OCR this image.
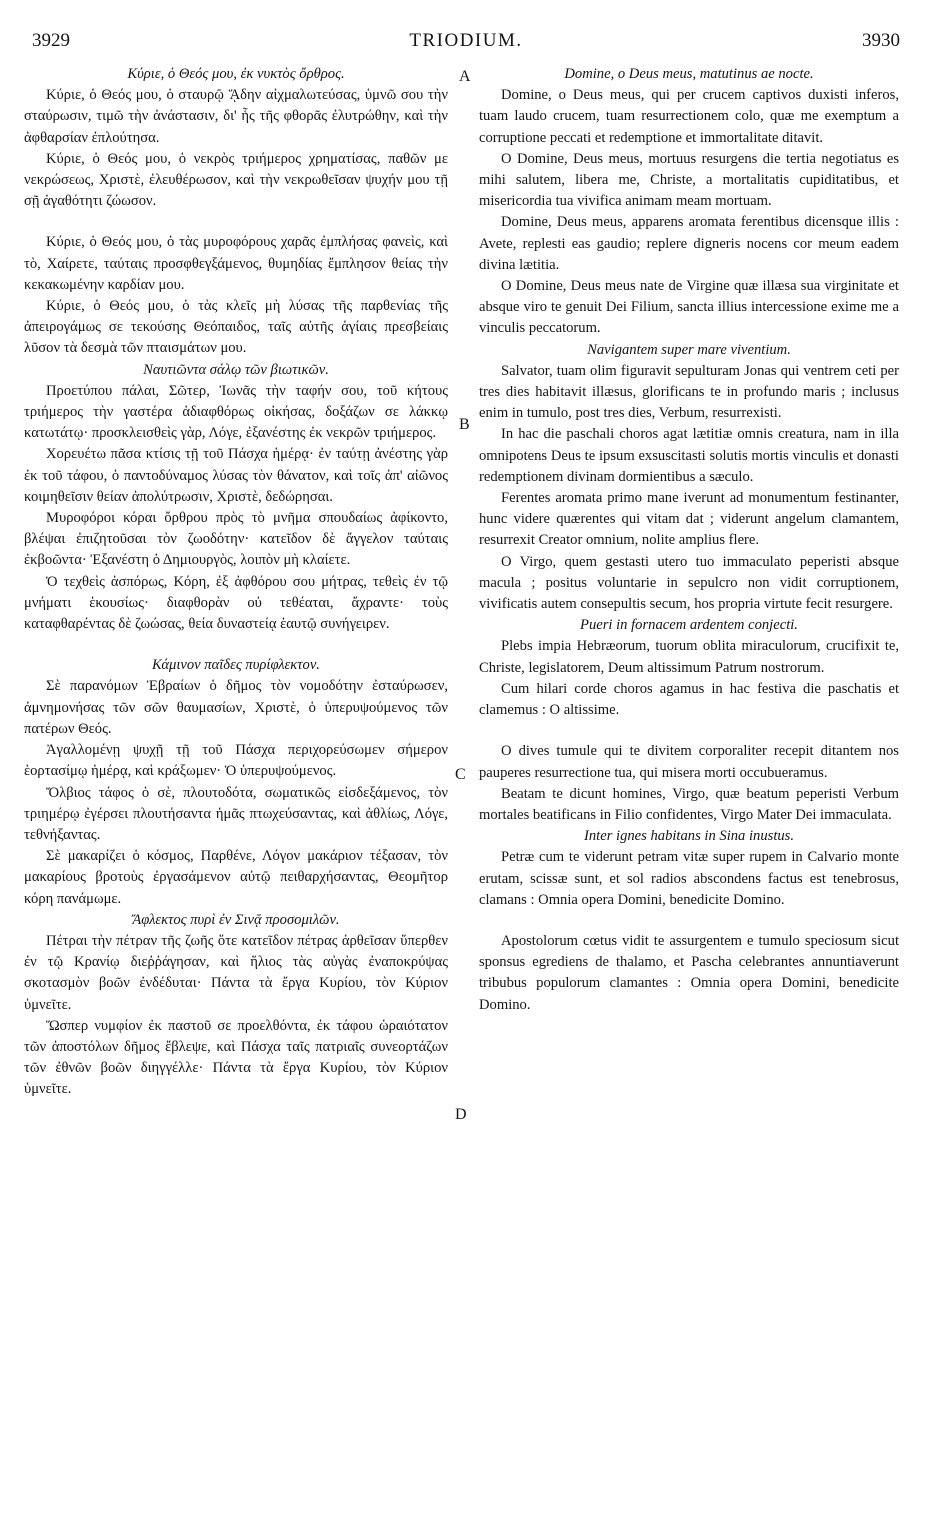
3929	TRIODIUM.	3930

Κύριε, ὁ Θεός μου, ἐκ νυκτὸς ὄρθρος.

Κύριε, ὁ Θεός μου, ὁ σταυρῷ ᾍδην αἰχμαλωτεύσας, ὑμνῶ σου τὴν σταύρωσιν, τιμῶ τὴν ἀνάστασιν, δι' ἧς τῆς φθορᾶς ἐλυτρώθην, καὶ τὴν ἀφθαρσίαν ἐπλούτησα.

Κύριε, ὁ Θεός μου, ὁ νεκρὸς τριήμερος χρηματίσας, παθῶν με νεκρώσεως, Χριστὲ, ἐλευθέρωσον, καὶ τὴν νεκρωθεῖσαν ψυχήν μου τῇ σῇ ἀγαθότητι ζώωσον.

Κύριε, ὁ Θεός μου, ὁ τὰς μυροφόρους χαρᾶς ἐμπλήσας φανεὶς, καὶ τὸ, Χαίρετε, ταύταις προσφθεγξάμενος, θυμηδίας ἔμπλησον θείας τὴν κεκακωμένην καρδίαν μου.

Κύριε, ὁ Θεός μου, ὁ τὰς κλεῖς μὴ λύσας τῆς παρθενίας τῆς ἀπειρογάμως σε τεκούσης Θεόπαιδος, ταῖς αὐτῆς ἁγίαις πρεσβείαις λῦσον τὰ δεσμὰ τῶν πταισμάτων μου.

Ναυτιῶντα σάλῳ τῶν βιωτικῶν.

Προετύπου πάλαι, Σῶτερ, Ἰωνᾶς τὴν ταφήν σου, τοῦ κήτους τριήμερος τὴν γαστέρα ἀδιαφθόρως οἰκήσας, δοξάζων σε λάκκῳ κατωτάτῳ· προσκλεισθεὶς γὰρ, Λόγε, ἐξανέστης ἐκ νεκρῶν τριήμερος.

Χορευέτω πᾶσα κτίσις τῇ τοῦ Πάσχα ἡμέρᾳ· ἐν ταύτῃ ἀνέστης γὰρ ἐκ τοῦ τάφου, ὁ παντοδύναμος λύσας τὸν θάνατον, καὶ τοῖς ἀπ' αἰῶνος κοιμηθεῖσιν θείαν ἀπολύτρωσιν, Χριστὲ, δεδώρησαι.

Μυροφόροι κόραι ὄρθρου πρὸς τὸ μνῆμα σπουδαίως ἀφίκοντο, βλέψαι ἐπιζητοῦσαι τὸν ζωοδότην· κατεῖδον δὲ ἄγγελον ταύταις ἐκβοῶντα· Ἐξανέστη ὁ Δημιουργὸς, λοιπὸν μὴ κλαίετε.

Ὁ τεχθεὶς ἀσπόρως, Κόρη, ἐξ ἀφθόρου σου μήτρας, τεθεὶς ἐν τῷ μνήματι ἑκουσίως· διαφθορὰν οὐ τεθέαται, ἄχραντε· τοὺς καταφθαρέντας δὲ ζωώσας, θεία δυναστείᾳ ἑαυτῷ συνήγειρεν.

Κάμινον παῖδες πυρίφλεκτον.

Σὲ παρανόμων Ἑβραίων ὁ δῆμος τὸν νομοδότην ἐσταύρωσεν, ἀμνημονήσας τῶν σῶν θαυμασίων, Χριστὲ, ὁ ὑπερυψούμενος τῶν πατέρων Θεός.

Ἀγαλλομένῃ ψυχῇ τῇ τοῦ Πάσχα περιχορεύσωμεν σήμερον ἑορτασίμῳ ἡμέρᾳ, καὶ κράξωμεν· Ὁ ὑπερυψούμενος.

Ὄλβιος τάφος ὁ σὲ, πλουτοδότα, σωματικῶς εἰσδεξάμενος, τὸν τριημέρῳ ἐγέρσει πλουτήσαντα ἡμᾶς πτωχεύσαντας, καὶ ἀθλίως, Λόγε, τεθνήξαντας.

Σὲ μακαρίζει ὁ κόσμος, Παρθένε, Λόγον μακάριον τέξασαν, τὸν μακαρίους βροτοὺς ἐργασάμενον αὐτῷ πειθαρχήσαντας, Θεομῆτορ κόρη πανάμωμε.

Ἄφλεκτος πυρὶ ἐν Σινᾷ προσομιλῶν.

Πέτραι τὴν πέτραν τῆς ζωῆς ὅτε κατεῖδον πέτρας ἀρθεῖσαν ὕπερθεν ἐν τῷ Κρανίῳ διεῤῥάγησαν, καὶ ἥλιος τὰς αὐγὰς ἐναποκρύψας σκοτασμὸν βοῶν ἐνδέδυται· Πάντα τὰ ἔργα Κυρίου, τὸν Κύριον ὑμνεῖτε.

Ὥσπερ νυμφίον ἐκ παστοῦ σε προελθόντα, ἐκ τάφου ὡραιότατον τῶν ἀποστόλων δῆμος ἔβλεψε, καὶ Πάσχα ταῖς πατριαῖς συνεορτάζων τῶν ἐθνῶν βοῶν διηγγέλλε· Πάντα τὰ ἔργα Κυρίου, τὸν Κύριον ὑμνεῖτε.

Domine, o Deus meus, matutinus ae nocte.

Domine, o Deus meus, qui per crucem captivos duxisti inferos, tuam laudo crucem, tuam resurrectionem colo, quæ me exemptum a corruptione peccati et redemptione et immortalitate ditavit.

O Domine, Deus meus, mortuus resurgens die tertia negotiatus es mihi salutem, libera me, Christe, a mortalitatis cupiditatibus, et misericordia tua vivifica animam meam mortuam.

Domine, Deus meus, apparens aromata ferentibus dicensque illis : Avete, replesti eas gaudio; replere digneris nocens cor meum eadem divina lætitia.

O Domine, Deus meus nate de Virgine quæ illæsa sua virginitate et absque viro te genuit Dei Filium, sancta illius intercessione exime me a vinculis peccatorum.

Navigantem super mare viventium.

Salvator, tuam olim figuravit sepulturam Jonas qui ventrem ceti per tres dies habitavit illæsus, glorificans te in profundo maris ; inclusus enim in tumulo, post tres dies, Verbum, resurrexisti.

In hac die paschali choros agat lætitiæ omnis creatura, nam in illa omnipotens Deus te ipsum exsuscitasti solutis mortis vinculis et donasti redemptionem divinam dormientibus a sæculo.

Ferentes aromata primo mane iverunt ad monumentum festinanter, hunc videre quærentes qui vitam dat ; viderunt angelum clamantem, resurrexit Creator omnium, nolite amplius flere.

O Virgo, quem gestasti utero tuo immaculato peperisti absque macula ; positus voluntarie in sepulcro non vidit corruptionem, vivificatis autem consepultis secum, hos propria virtute fecit resurgere.

Pueri in fornacem ardentem conjecti.

Plebs impia Hebræorum, tuorum oblita miraculorum, crucifixit te, Christe, legislatorem, Deum altissimum Patrum nostrorum.

Cum hilari corde choros agamus in hac festiva die paschatis et clamemus : O altissime.

O dives tumule qui te divitem corporaliter recepit ditantem nos pauperes resurrectione tua, qui misera morti occubueramus.

Beatam te dicunt homines, Virgo, quæ beatum peperisti Verbum mortales beatificans in Filio confidentes, Virgo Mater Dei immaculata.

Inter ignes habitans in Sina inustus.

Petræ cum te viderunt petram vitæ super rupem in Calvario monte erutam, scissæ sunt, et sol radios abscondens factus est tenebrosus, clamans : Omnia opera Domini, benedicite Domino.

Apostolorum cœtus vidit te assurgentem e tumulo speciosum sicut sponsus egrediens de thalamo, et Pascha celebrantes annuntiaverunt tribubus populorum clamantes : Omnia opera Domini, benedicite Domino.

A
B
C
D
